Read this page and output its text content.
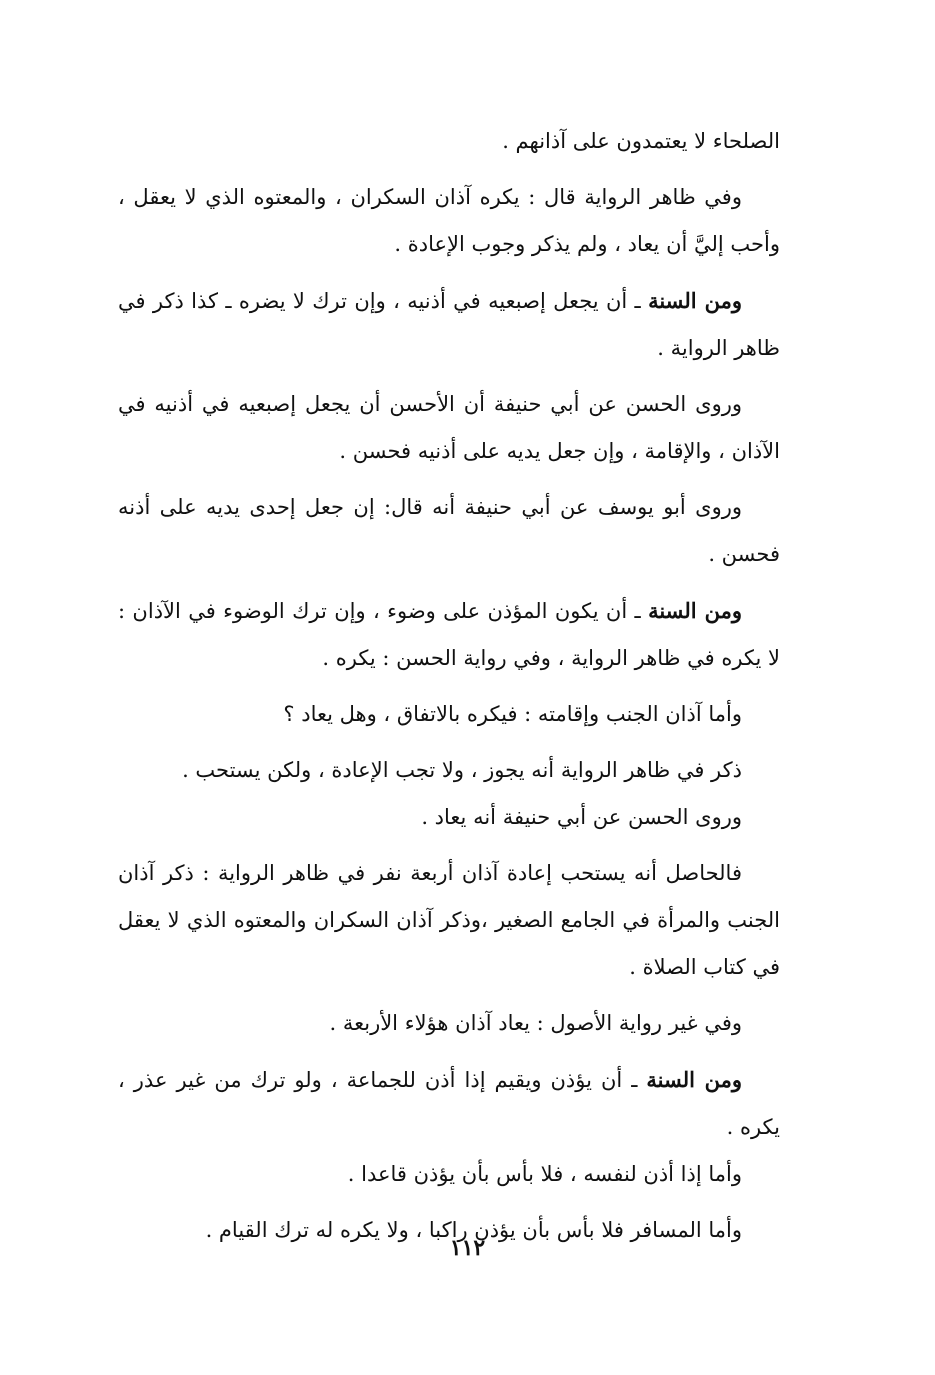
الصلحاء لا يعتمدون على آذانهم .

وفي ظاهر الرواية قال : يكره آذان السكران ، والمعتوه الذي لا يعقل ، وأحب إليَّ أن يعاد ، ولم يذكر وجوب الإعادة .

ومن السنة ـ أن يجعل إصبعيه في أذنيه ، وإن ترك لا يضره ـ كذا ذكر في ظاهر الرواية .

وروى الحسن عن أبي حنيفة أن الأحسن أن يجعل إصبعيه في أذنيه في الآذان ، والإقامة ، وإن جعل يديه على أذنيه فحسن .

وروى أبو يوسف عن أبي حنيفة أنه قال: إن جعل إحدى يديه على أذنه فحسن .

ومن السنة ـ أن يكون المؤذن على وضوء ، وإن ترك الوضوء في الآذان : لا يكره في ظاهر الرواية ، وفي رواية الحسن : يكره .

وأما آذان الجنب وإقامته : فيكره بالاتفاق ، وهل يعاد ؟

ذكر في ظاهر الرواية أنه يجوز ، ولا تجب الإعادة ، ولكن يستحب .

وروى الحسن عن أبي حنيفة أنه يعاد .

فالحاصل أنه يستحب إعادة آذان أربعة نفر في ظاهر الرواية : ذكر آذان الجنب والمرأة في الجامع الصغير ،وذكر آذان السكران والمعتوه الذي لا يعقل في كتاب الصلاة .

وفي غير رواية الأصول : يعاد آذان هؤلاء الأربعة .

ومن السنة ـ أن يؤذن ويقيم إذا أذن للجماعة ، ولو ترك من غير عذر ، يكره .

وأما إذا أذن لنفسه ، فلا بأس بأن يؤذن قاعدا .

وأما المسافر فلا بأس بأن يؤذن راكبا ، ولا يكره له ترك القيام .

١١٢
